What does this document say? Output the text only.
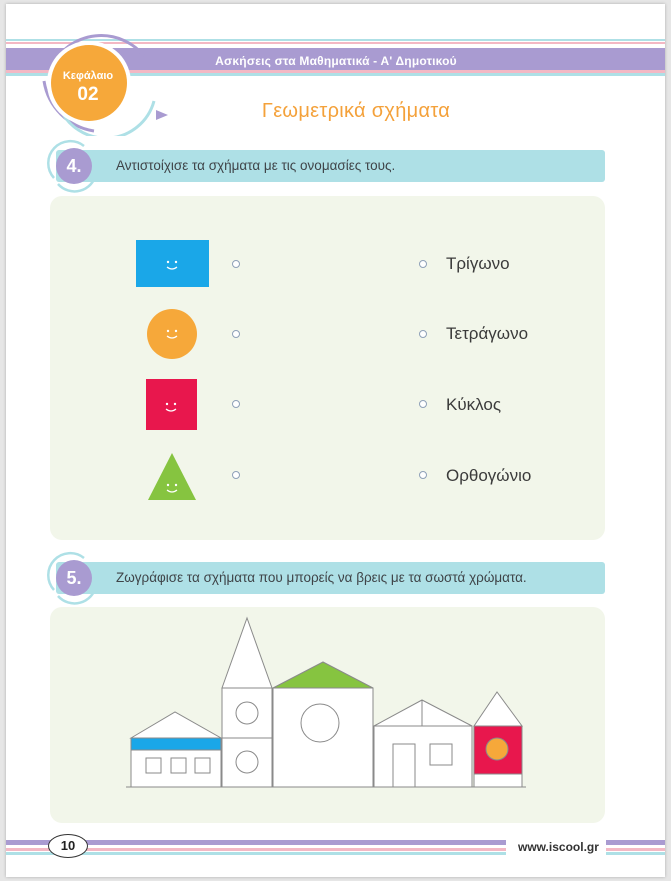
Ασκήσεις στα Μαθηματικά - Α' Δημοτικού
Κεφάλαιο
02
Γεωμετρικά σχήματα
Αντιστοίχισε τα σχήματα με τις ονομασίες τους.
4.
Τρίγωνο
Τετράγωνο
Κύκλος
Ορθογώνιο
Ζωγράφισε τα σχήματα που μπορείς να βρεις με τα σωστά χρώματα.
5.
10	www.iscool.gr
